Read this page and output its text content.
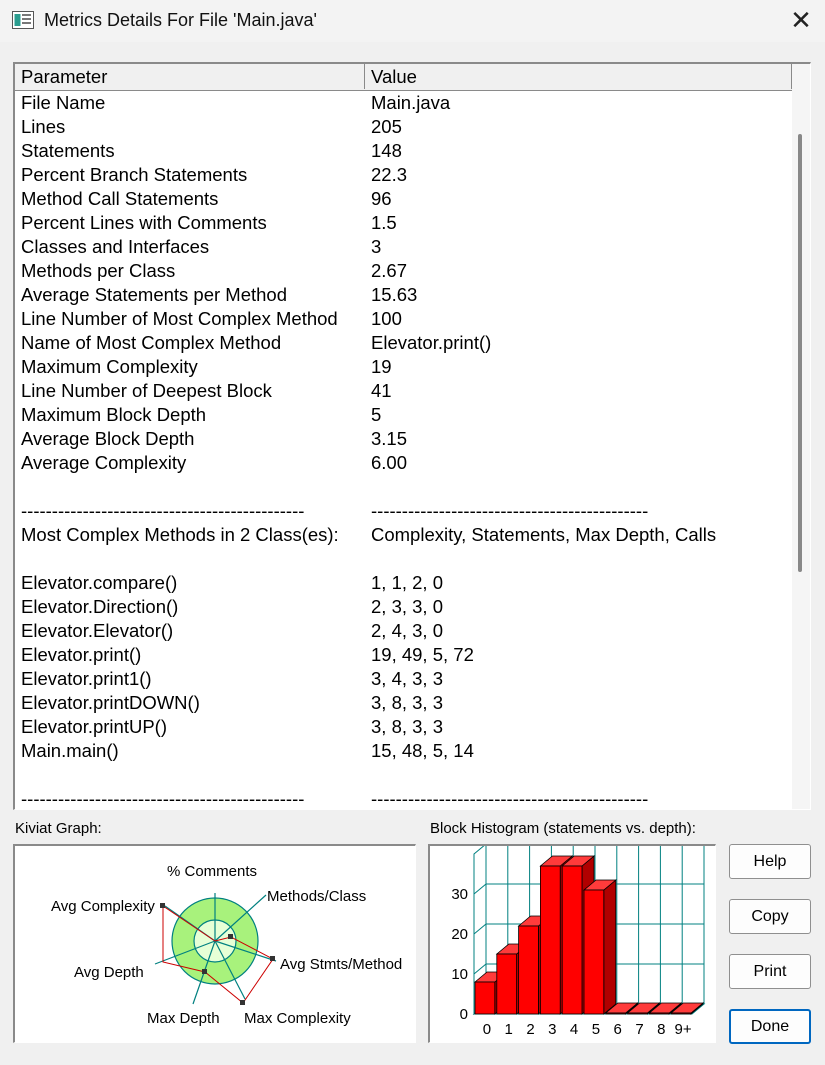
Metrics Details For File 'Main.java'	✕
Parameter	Value
File Name	Main.java
Lines	205
Statements	148
Percent Branch Statements	22.3
Method Call Statements	96
Percent Lines with Comments	1.5
Classes and Interfaces	3
Methods per Class	2.67
Average Statements per Method	15.63
Line Number of Most Complex Method 100
Name of Most Complex Method	Elevator.print()
Maximum Complexity	19
Line Number of Deepest Block	41
Maximum Block Depth	5
Average Block Depth	3.15
Average Complexity	6.00
----------------------------------------------	---------------------------------------------
Most Complex Methods in 2 Class(es): Complexity, Statements, Max Depth, Calls
Elevator.compare()	1, 1, 2, 0
Elevator.Direction()	2, 3, 3, 0
Elevator.Elevator()	2, 4, 3, 0
Elevator.print()	19, 49, 5, 72
Elevator.print1()	3, 4, 3, 3
Elevator.printDOWN()	3, 8, 3, 3
Elevator.printUP()	3, 8, 3, 3
Main.main()	15, 48, 5, 14
----------------------------------------------	---------------------------------------------
Kiviat Graph:
% Comments
Methods/Class
Avg Stmts/Method
Max Complexity
Max Depth
Avg Depth
Avg Complexity
Block Histogram (statements vs. depth):
0
10
20
30
0 1 2 3 4 5 6 7 8 9+
Help
Copy
Print
Done
